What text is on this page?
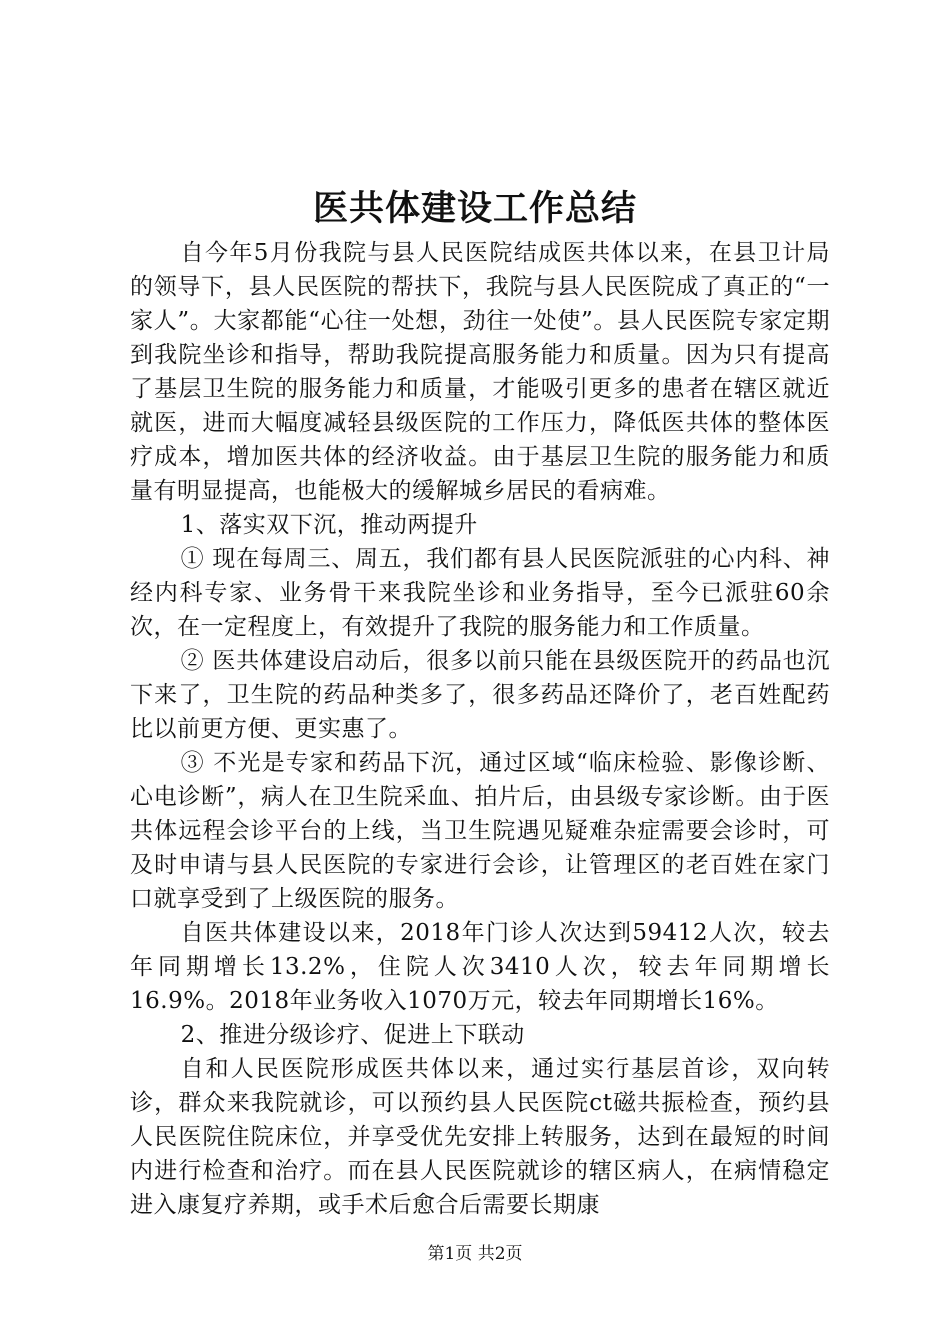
医共体建设工作总结

自今年5月份我院与县人民医院结成医共体以来，在县卫计局的领导下，县人民医院的帮扶下，我院与县人民医院成了真正的“一家人”。大家都能“心往一处想，劲往一处使”。县人民医院专家定期到我院坐诊和指导，帮助我院提高服务能力和质量。因为只有提高了基层卫生院的服务能力和质量，才能吸引更多的患者在辖区就近就医，进而大幅度减轻县级医院的工作压力，降低医共体的整体医疗成本，增加医共体的经济收益。由于基层卫生院的服务能力和质量有明显提高，也能极大的缓解城乡居民的看病难。

1、落实双下沉，推动两提升

① 现在每周三、周五，我们都有县人民医院派驻的心内科、神经内科专家、业务骨干来我院坐诊和业务指导，至今已派驻60余次，在一定程度上，有效提升了我院的服务能力和工作质量。

② 医共体建设启动后，很多以前只能在县级医院开的药品也沉下来了，卫生院的药品种类多了，很多药品还降价了，老百姓配药比以前更方便、更实惠了。

③ 不光是专家和药品下沉，通过区域“临床检验、影像诊断、心电诊断”，病人在卫生院采血、拍片后，由县级专家诊断。由于医共体远程会诊平台的上线，当卫生院遇见疑难杂症需要会诊时，可及时申请与县人民医院的专家进行会诊，让管理区的老百姓在家门口就享受到了上级医院的服务。

自医共体建设以来，2018年门诊人次达到59412人次，较去年同期增长13.2%，住院人次3410人次，较去年同期增长16.9%。2018年业务收入1070万元，较去年同期增长16%。

2、推进分级诊疗、促进上下联动

自和人民医院形成医共体以来，通过实行基层首诊，双向转诊，群众来我院就诊，可以预约县人民医院ct磁共振检查，预约县人民医院住院床位，并享受优先安排上转服务，达到在最短的时间内进行检查和治疗。而在县人民医院就诊的辖区病人，在病情稳定进入康复疗养期，或手术后愈合后需要长期康

第1页 共2页
